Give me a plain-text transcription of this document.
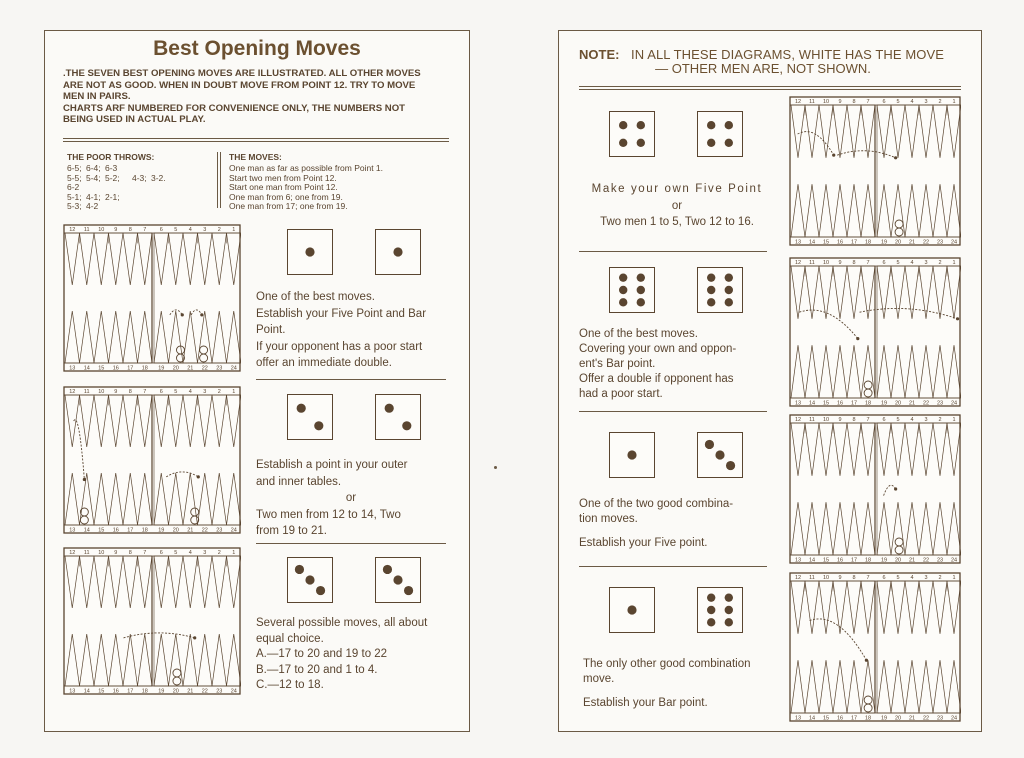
Best Opening Moves
.THE SEVEN BEST OPENING MOVES ARE ILLUSTRATED. ALL OTHER MOVES
ARE NOT AS GOOD. WHEN IN DOUBT MOVE FROM POINT 12. TRY TO MOVE
MEN IN PAIRS.
CHARTS ARF NUMBERED FOR CONVENIENCE ONLY, THE NUMBERS NOT
BEING USED IN ACTUAL PLAY.
THE POOR THROWS:
6-5; 6-4; 6-3
5-5; 5-4; 5-2; 4-3; 3-2.
6-2
5-1; 4-1; 2-1;
5-3; 4-2
THE MOVES:
One man as far as possible from Point 1.
Start two men from Point 12.
Start one man from Point 12.
One man from 6; one from 19.
One man from 17; one from 19.
12
13
11
14
10
15
9
16
8
17
7
18
6
19
5
20
4
21
3
22
2
23
1
24
One of the best moves.
Establish your Five Point and Bar
Point.
If your opponent has a poor start
offer an immediate double.
12
13
11
14
10
15
9
16
8
17
7
18
6
19
5
20
4
21
3
22
2
23
1
24
Establish a point in your outer
and inner tables.
or
Two men from 12 to 14, Two
from 19 to 21.
12
13
11
14
10
15
9
16
8
17
7
18
6
19
5
20
4
21
3
22
2
23
1
24
Several possible moves, all about
equal choice.
A.—17 to 20 and 19 to 22
B.—17 to 20 and 1 to 4.
C.—12 to 18.
NOTE: IN ALL THESE DIAGRAMS, WHITE HAS THE MOVE
— OTHER MEN ARE, NOT SHOWN.
Make your own Five Point
or
Two men 1 to 5, Two 12 to 16.
12
13
11
14
10
15
9
16
8
17
7
18
6
19
5
20
4
21
3
22
2
23
1
24
One of the best moves.
Covering your own and oppon-
ent's Bar point.
Offer a double if opponent has
had a poor start.
12
13
11
14
10
15
9
16
8
17
7
18
6
19
5
20
4
21
3
22
2
23
1
24
One of the two good combina-
tion moves.
Establish your Five point.
12
13
11
14
10
15
9
16
8
17
7
18
6
19
5
20
4
21
3
22
2
23
1
24
The only other good combination
move.
Establish your Bar point.
12
13
11
14
10
15
9
16
8
17
7
18
6
19
5
20
4
21
3
22
2
23
1
24
